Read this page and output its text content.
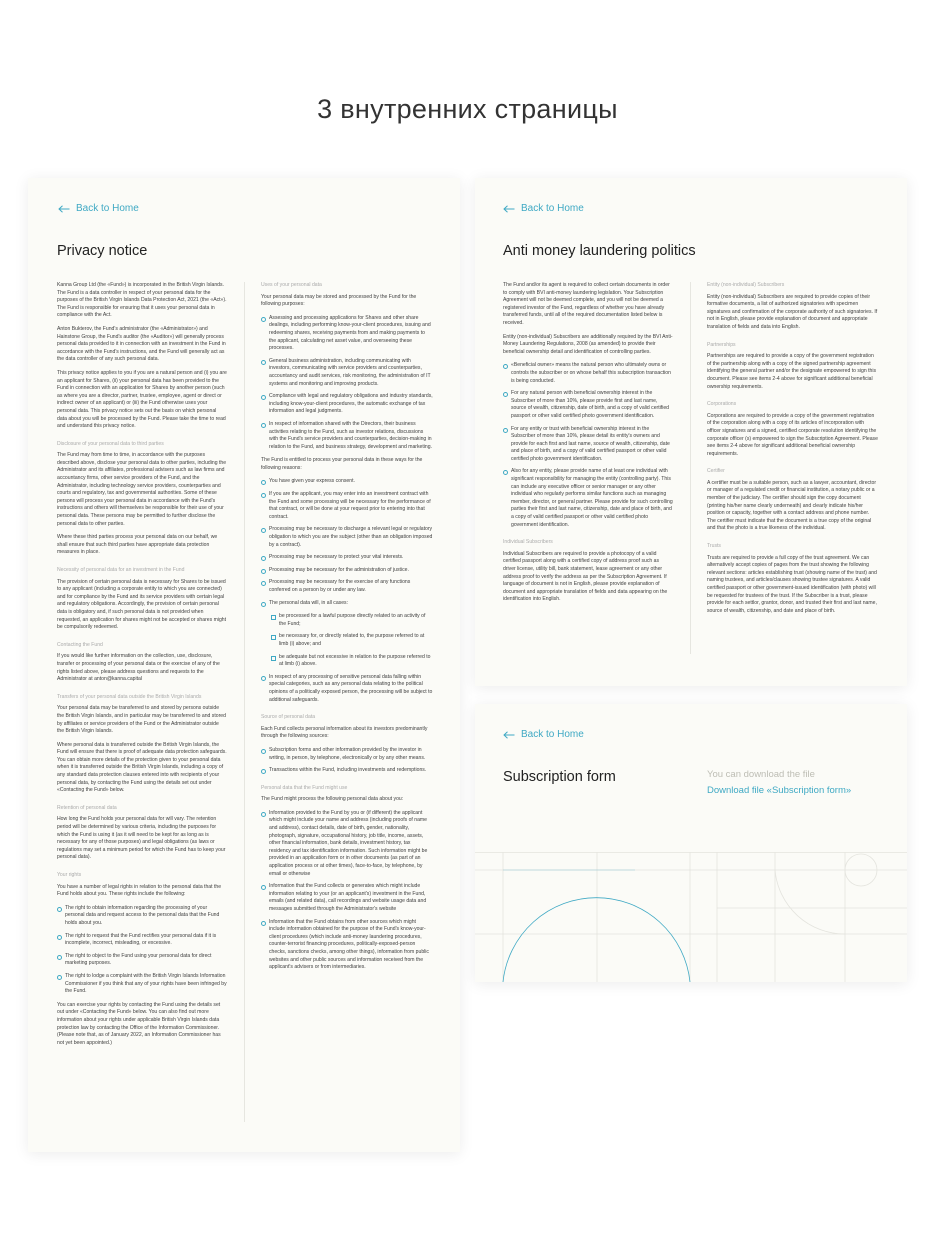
3 внутренних страницы
Back to Home
Privacy notice

Kanna Group Ltd (the «Fund») is incorporated in the British Virgin Islands. The Fund is a data controller in respect of your personal data for the purposes of the British Virgin Islands Data Protection Act, 2021 (the «Act»). The Fund is responsible for ensuring that it uses your personal data in compliance with the Act.

Anton Bukterov, the Fund's administrator (the «Administrator») and Hainstone Group, the Fund's auditor (the «Auditor») will generally process personal data provided to it in connection with an investment in the Fund in accordance with the Fund's instructions, and the Fund will generally act as the data controller of any such personal data.

This privacy notice applies to you if you are a natural person and (i) you are an applicant for Shares, (ii) your personal data has been provided to the Fund in connection with an application for Shares by another person (such as where you are a director, partner, trustee, employee, agent or direct or indirect owner of an applicant) or (iii) the Fund otherwise uses your personal data. This privacy notice sets out the basis on which personal data about you will be processed by the Fund. Please take the time to read and understand this privacy notice.

Disclosure of your personal data to third parties

The Fund may from time to time, in accordance with the purposes described above, disclose your personal data to other parties, including the Administrator and its affiliates, professional advisers such as law firms and accountancy firms, other service providers of the Fund, and the Administrator, including technology service providers, counterparties and courts and regulatory, tax and governmental authorities. Some of these persons will process your personal data in accordance with the Fund's instructions and others will themselves be responsible for their use of your personal data. These persons may be permitted to further disclose the personal data to other parties.

Where these third parties process your personal data on our behalf, we shall ensure that such third parties have appropriate data protection measures in place.

Necessity of personal data for an investment in the Fund

The provision of certain personal data is necessary for Shares to be issued to any applicant (including a corporate entity to which you are connected) and for compliance by the Fund and its service providers with certain legal and regulatory obligations. Accordingly, the provision of certain personal data is obligatory and, if such personal data is not provided when requested, an application for shares might not be accepted or shares might be compulsorily redeemed.

Contacting the Fund

If you would like further information on the collection, use, disclosure, transfer or processing of your personal data or the exercise of any of the rights listed above, please address questions and requests to the Administrator at anton@kanna.capital

Transfers of your personal data outside the British Virgin Islands

Your personal data may be transferred to and stored by persons outside the British Virgin Islands, and in particular may be transferred to and stored by affiliates or service providers of the Fund or the Administrator outside the British Virgin Islands.

Where personal data is transferred outside the British Virgin Islands, the Fund will ensure that there is proof of adequate data protection safeguards. You can obtain more details of the protection given to your personal data when it is transferred outside the British Virgin Islands, including a copy of any standard data protection clauses entered into with recipients of your personal data, by contacting the Fund using the details set out under «Contacting the Fund» below.

Retention of personal data

How long the Fund holds your personal data for will vary. The retention period will be determined by various criteria, including the purposes for which the Fund is using it (as it will need to be kept for as long as is necessary for any of those purposes) and legal obligations (as laws or regulations may set a minimum period for which the Fund has to keep your personal data).

Your rights

You have a number of legal rights in relation to the personal data that the Fund holds about you. These rights include the following:

The right to obtain information regarding the processing of your personal data and request access to the personal data that the Fund holds about you.
The right to request that the Fund rectifies your personal data if it is incomplete, incorrect, misleading, or excessive.
The right to object to the Fund using your personal data for direct marketing purposes.
The right to lodge a complaint with the British Virgin Islands Information Commissioner if you think that any of your rights have been infringed by the Fund.

You can exercise your rights by contacting the Fund using the details set out under «Contacting the Fund» below. You can also find out more information about your rights under applicable British Virgin Islands data protection law by contacting the Office of the Information Commissioner. (Please note that, as of January 2022, an Information Commissioner has not yet been appointed.)

Uses of your personal data

Your personal data may be stored and processed by the Fund for the following purposes:

Assessing and processing applications for Shares and other share dealings, including performing know-your-client procedures, issuing and redeeming shares, receiving payments from and making payments to the applicant, calculating net asset value, and overseeing these processes.
General business administration, including communicating with investors, communicating with service providers and counterparties, accountancy and audit services, risk monitoring, the administration of IT systems and monitoring and improving products.
Compliance with legal and regulatory obligations and industry standards, including know-your-client procedures, the automatic exchange of tax information and legal judgments.
In respect of information shared with the Directors, their business activities relating to the Fund, such as investor relations, discussions with the Fund's service providers and counterparties, decision-making in relation to the Fund, and business strategy, development and marketing.

The Fund is entitled to process your personal data in these ways for the following reasons:

You have given your express consent.
If you are the applicant, you may enter into an investment contract with the Fund and some processing will be necessary for the performance of that contract, or will be done at your request prior to entering into that contract.
Processing may be necessary to discharge a relevant legal or regulatory obligation to which you are the subject (other than an obligation imposed by a contract).
Processing may be necessary to protect your vital interests.
Processing may be necessary for the administration of justice.
Processing may be necessary for the exercise of any functions conferred on a person by or under any law.
The personal data will, in all cases:
be processed for a lawful purpose directly related to an activity of the Fund;
be necessary for, or directly related to, the purpose referred to at limb (i) above; and
be adequate but not excessive in relation to the purpose referred to at limb (i) above.
In respect of any processing of sensitive personal data falling within special categories, such as any personal data relating to the political opinions of a politically exposed person, the processing will be subject to additional safeguards.

Source of personal data

Each Fund collects personal information about its investors predominantly through the following sources:

Subscription forms and other information provided by the investor in writing, in person, by telephone, electronically or by any other means.
Transactions within the Fund, including investments and redemptions.

Personal data that the Fund might use

The Fund might process the following personal data about you:

Information provided to the Fund by you or (if different) the applicant which might include your name and address (including proofs of name and address), contact details, date of birth, gender, nationality, photograph, signature, occupational history, job title, income, assets, other financial information, bank details, investment history, tax residency and tax identification information. Such information might be provided in an application form or in other documents (as part of an application process or at other times), face-to-face, by telephone, by email or otherwise
Information that the Fund collects or generates which might include information relating to your (or an applicant's) investment in the Fund, emails (and related data), call recordings and website usage data and messages submitted through the Administrator's website
Information that the Fund obtains from other sources which might include information obtained for the purpose of the Fund's know-your-client procedures (which include anti-money laundering procedures, counter-terrorist financing procedures, politically-exposed-person checks, sanctions checks, among other things), information from public websites and other public sources and information received from the applicant's advisers or from intermediaries.
Back to Home
Anti money laundering politics

The Fund and/or its agent is required to collect certain documents in order to comply with BVI anti-money laundering legislation. Your Subscription Agreement will not be deemed complete, and you will not be deemed a registered investor of the Fund, regardless of whether you have already transferred funds, until all of the required documentation listed below is received.

Entity (non-individual) Subscribers are additionally required by the BVI Anti-Money Laundering Regulations, 2008 (as amended) to provide their beneficial ownership detail and identification of controlling parties.

«Beneficial owner» means the natural person who ultimately owns or controls the subscriber or on whose behalf this subscription transaction is being conducted.
For any natural person with beneficial ownership interest in the Subscriber of more than 10%, please provide first and last name, source of wealth, citizenship, date of birth, and a copy of valid certified passport or other valid certified photo government identification.
For any entity or trust with beneficial ownership interest in the Subscriber of more than 10%, please detail its entity's owners and provide for each first and last name, source of wealth, citizenship, date and place of birth, and a copy of valid certified passport or other valid certified photo government identification.
Also for any entity, please provide name of at least one individual with significant responsibility for managing the entity (controlling party). This can include any executive officer or senior manager or any other individual who regularly performs similar functions such as managing member, director, or general partner. Please provide for such controlling parties their first and last name, citizenship, date and place of birth, and a copy of valid certified passport or other valid certified photo government identification.

Individual Subscribers

Individual Subscribers are required to provide a photocopy of a valid certified passport along with a certified copy of address proof such as driver license, utility bill, bank statement, lease agreement or any other address proof to verify the address as per the Subscription Agreement. If language of document is not in English, please provide explanation of document and appropriate translation of fields and data appearing on the identification into English.

Entity (non-individual) Subscribers

Entity (non-individual) Subscribers are required to provide copies of their formative documents, a list of authorized signatories with specimen signatures and confirmation of the corporate authority of such signatories. If not in English, please provide explanation of document and appropriate translation of fields and data into English.

Partnerships

Partnerships are required to provide a copy of the government registration of the partnership along with a copy of the signed partnership agreement identifying the general partner and/or the designate empowered to sign this document. Please see items 2-4 above for significant additional beneficial ownership requirements.

Corporations

Corporations are required to provide a copy of the government registration of the corporation along with a copy of its articles of incorporation with officer signatures and a signed, certified corporate resolution identifying the corporate officer (s) empowered to sign the Subscription Agreement. Please see items 2-4 above for significant additional beneficial ownership requirements.

Certifier

A certifier must be a suitable person, such as a lawyer, accountant, director or manager of a regulated credit or financial institution, a notary public or a member of the judiciary. The certifier should sign the copy document (printing his/her name clearly underneath) and clearly indicate his/her position or capacity, together with a contact address and phone number. The certifier must indicate that the document is a true copy of the original and that the photo is a true likeness of the individual.

Trusts

Trusts are required to provide a full copy of the trust agreement. We can alternatively accept copies of pages from the trust showing the following relevant sections: articles establishing trust (showing name of the trust) and naming trustees, and articles/clauses showing trustee signatures. A valid certified passport or other government-issued identification (with photo) will be requested for trustees of the trust. If the Subscriber is a trust, please provide for each settlor, grantor, donor, and trusted their first and last name, source of wealth, citizenship, and date and place of birth.

Back to Home
Subscription form	You can download the file
Download file «Subscription form»
